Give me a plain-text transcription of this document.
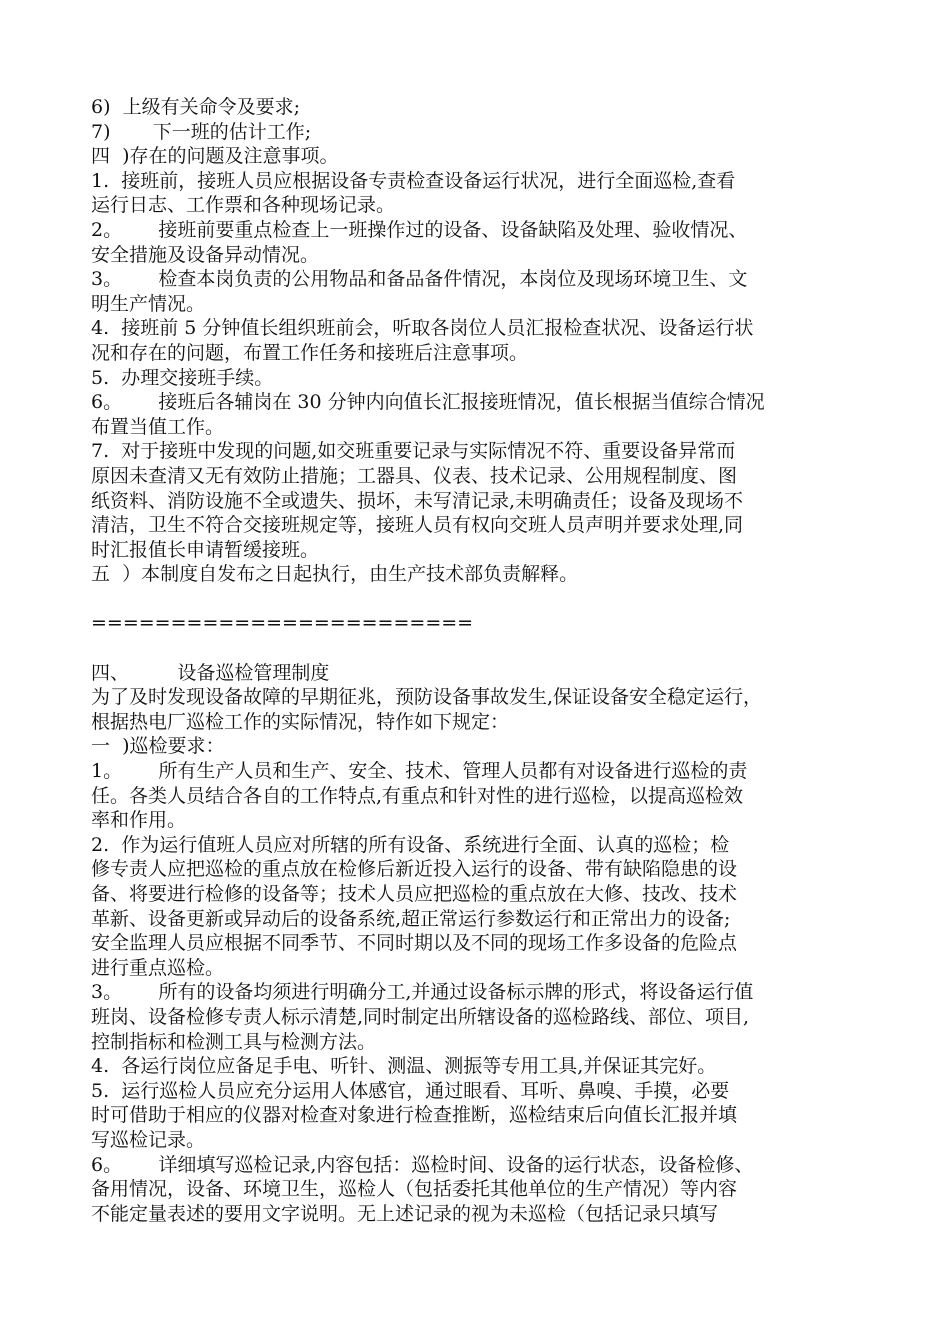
6)  上级有关命令及要求;
7)       下一班的估计工作;
四  )存在的问题及注意事项。
1.  接班前，接班人员应根据设备专责检查设备运行状况，进行全面巡检,查看
运行日志、工作票和各种现场记录。
2。      接班前要重点检查上一班操作过的设备、设备缺陷及处理、验收情况、
安全措施及设备异动情况。
3。      检查本岗负责的公用物品和备品备件情况，本岗位及现场环境卫生、文
明生产情况。
4.  接班前 5 分钟值长组织班前会，听取各岗位人员汇报检查状况、设备运行状
况和存在的问题，布置工作任务和接班后注意事项。
5.  办理交接班手续。
6。      接班后各辅岗在 30 分钟内向值长汇报接班情况，值长根据当值综合情况
布置当值工作。
7.  对于接班中发现的问题,如交班重要记录与实际情况不符、重要设备异常而
原因未查清又无有效防止措施；工器具、仪表、技术记录、公用规程制度、图
纸资料、消防设施不全或遗失、损坏，未写清记录,未明确责任；设备及现场不
清洁，卫生不符合交接班规定等，接班人员有权向交班人员声明并要求处理,同
时汇报值长申请暂缓接班。
五  ）本制度自发布之日起执行，由生产技术部负责解释。
========================
四、        设备巡检管理制度
为了及时发现设备故障的早期征兆，预防设备事故发生,保证设备安全稳定运行，
根据热电厂巡检工作的实际情况，特作如下规定：
一  )巡检要求：
1。      所有生产人员和生产、安全、技术、管理人员都有对设备进行巡检的责
任。各类人员结合各自的工作特点,有重点和针对性的进行巡检，以提高巡检效
率和作用。
2.  作为运行值班人员应对所辖的所有设备、系统进行全面、认真的巡检；检
修专责人应把巡检的重点放在检修后新近投入运行的设备、带有缺陷隐患的设
备、将要进行检修的设备等；技术人员应把巡检的重点放在大修、技改、技术
革新、设备更新或异动后的设备系统,超正常运行参数运行和正常出力的设备;
安全监理人员应根据不同季节、不同时期以及不同的现场工作多设备的危险点
进行重点巡检。
3。      所有的设备均须进行明确分工,并通过设备标示牌的形式，将设备运行值
班岗、设备检修专责人标示清楚,同时制定出所辖设备的巡检路线、部位、项目,
控制指标和检测工具与检测方法。
4.  各运行岗位应备足手电、听针、测温、测振等专用工具,并保证其完好。
5.  运行巡检人员应充分运用人体感官，通过眼看、耳听、鼻嗅、手摸，必要
时可借助于相应的仪器对检查对象进行检查推断，巡检结束后向值长汇报并填
写巡检记录。
6。      详细填写巡检记录,内容包括：巡检时间、设备的运行状态，设备检修、
备用情况，设备、环境卫生，巡检人（包括委托其他单位的生产情况）等内容
不能定量表述的要用文字说明。无上述记录的视为未巡检（包括记录只填写
